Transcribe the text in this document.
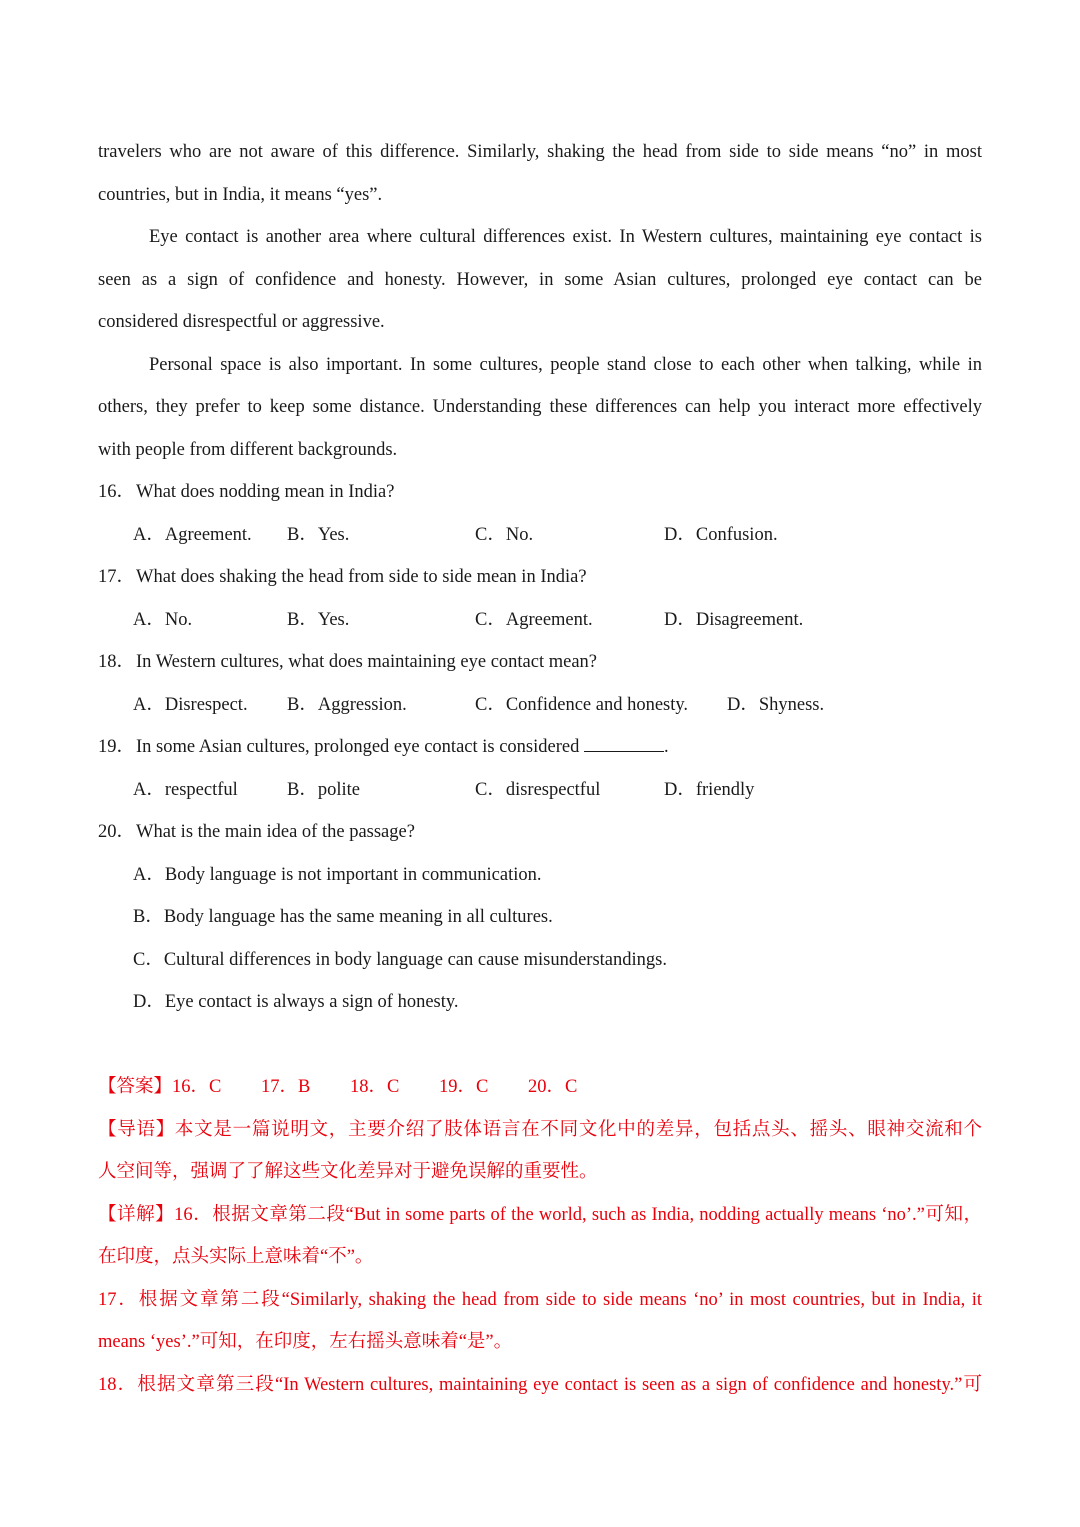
travelers who are not aware of this difference. Similarly, shaking the head from side to side means “no” in most
countries, but in India, it means “yes”.
Eye contact is another area where cultural differences exist. In Western cultures, maintaining eye contact is
seen as a sign of confidence and honesty. However, in some Asian cultures, prolonged eye contact can be
considered disrespectful or aggressive.
Personal space is also important. In some cultures, people stand close to each other when talking, while in
others, they prefer to keep some distance. Understanding these differences can help you interact more effectively
with people from different backgrounds.
16．What does nodding mean in India?
A．Agreement. B．Yes.	C．No.	D．Confusion.
17．What does shaking the head from side to side mean in India?
A．No.	B．Yes.	C．Agreement.	D．Disagreement.
18．In Western cultures, what does maintaining eye contact mean?
A．Disrespect. B．Aggression.	C．Confidence and honesty. D．Shyness.
19．In some Asian cultures, prolonged eye contact is considered	.
A．respectful	B．polite	C．disrespectful	D．friendly
20．What is the main idea of the passage?
A．Body language is not important in communication.
B．Body language has the same meaning in all cultures.
C．Cultural differences in body language can cause misunderstandings.
D．Eye contact is always a sign of honesty.
【答案】16．C 17．B 18．C 19．C 20．C
【导语】本文是一篇说明文，主要介绍了肢体语言在不同文化中的差异，包括点头、摇头、眼神交流和个
人空间等，强调了了解这些文化差异对于避免误解的重要性。
【详解】16．根据文章第二段“But in some parts of the world, such as India, nodding actually means ‘no’.”可知，
在印度，点头实际上意味着“不”。
17．根据文章第二段“Similarly, shaking the head from side to side means ‘no’ in most countries, but in India, it
means ‘yes’.”可知，在印度，左右摇头意味着“是”。
18．根据文章第三段“In Western cultures, maintaining eye contact is seen as a sign of confidence and honesty.”可
